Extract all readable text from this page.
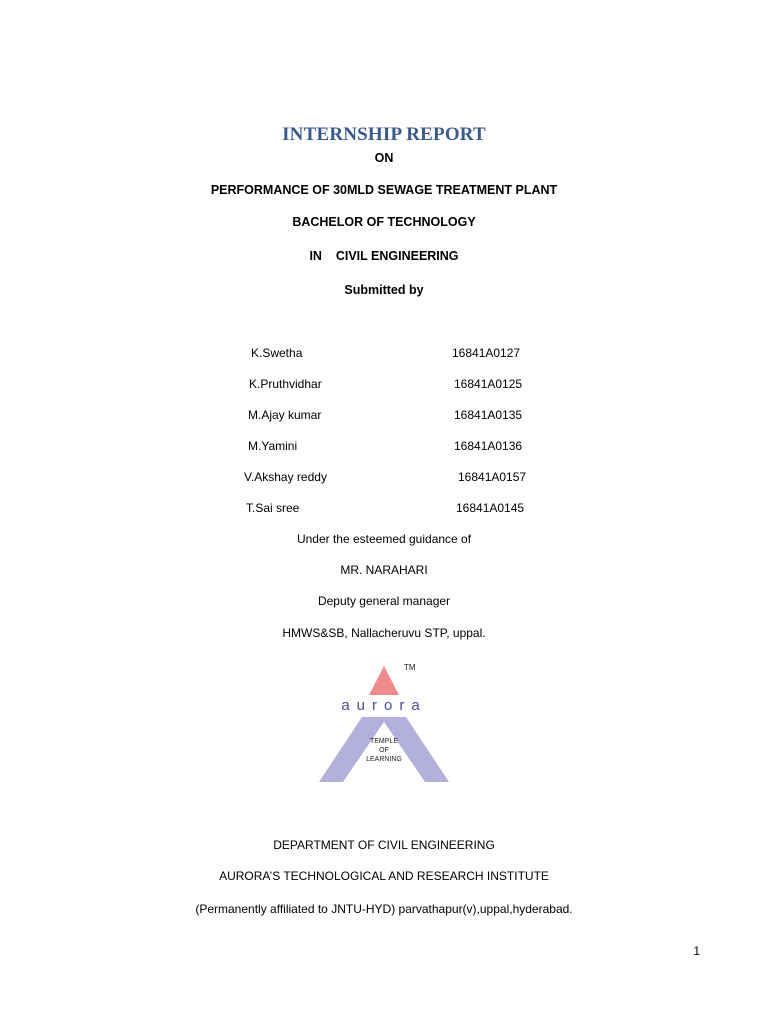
INTERNSHIP REPORT
ON
PERFORMANCE OF 30MLD SEWAGE TREATMENT PLANT
BACHELOR OF TECHNOLOGY
IN    CIVIL ENGINEERING
Submitted by
K.Swetha	16841A0127
K.Pruthvidhar	16841A0125
M.Ajay kumar	16841A0135
M.Yamini	16841A0136
V.Akshay reddy	16841A0157
T.Sai sree	16841A0145
Under the esteemed guidance of
MR. NARAHARI
Deputy general manager
HMWS&SB, Nallacheruvu STP, uppal.
TM
aurora
TEMPLE
OF
LEARNING
DEPARTMENT OF CIVIL ENGINEERING
AURORA’S TECHNOLOGICAL AND RESEARCH INSTITUTE
(Permanently affiliated to JNTU-HYD) parvathapur(v),uppal,hyderabad.
1
